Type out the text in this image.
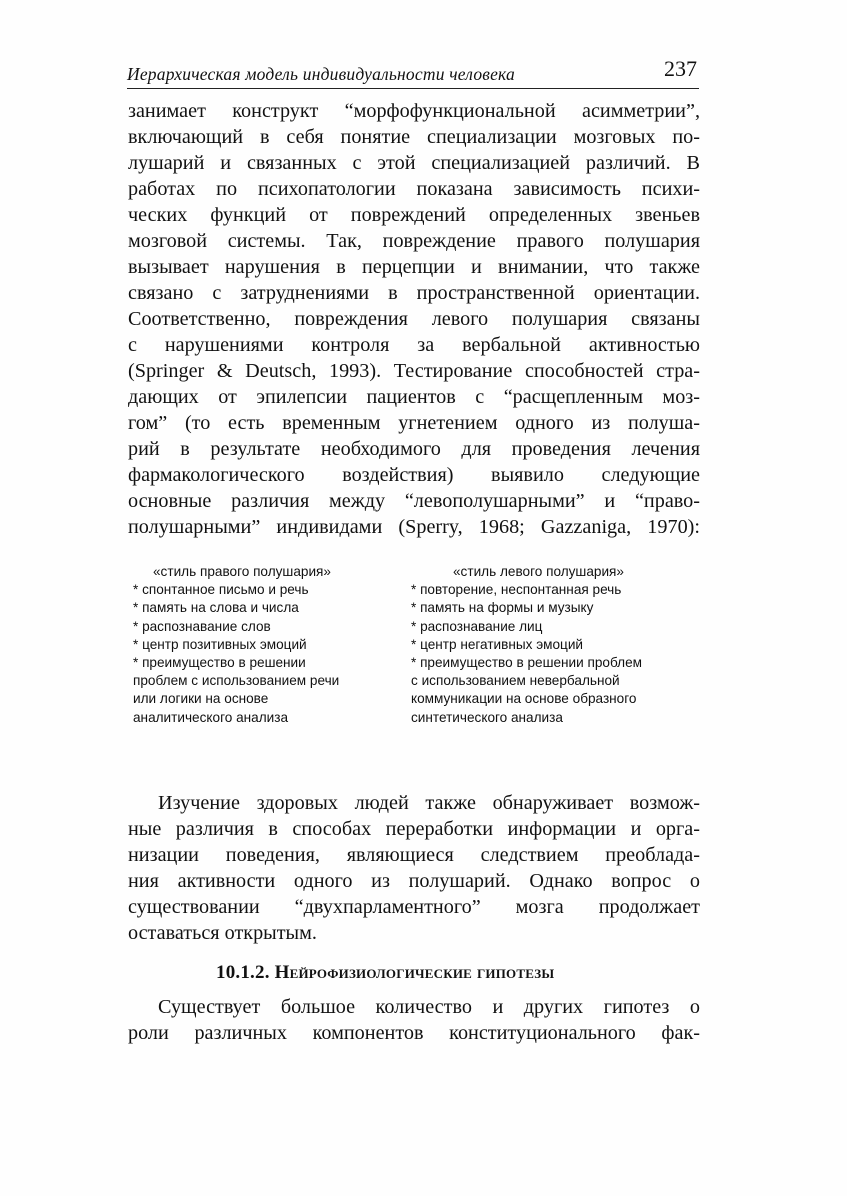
Иерархическая модель индивидуальности человека	237
занимает конструкт “морфофункциональной асимметрии”,
включающий в себя понятие специализации мозговых по-
лушарий и связанных с этой специализацией различий. В
работах по психопатологии показана зависимость психи-
ческих функций от повреждений определенных звеньев
мозговой системы. Так, повреждение правого полушария
вызывает нарушения в перцепции и внимании, что также
связано с затруднениями в пространственной ориентации.
Соответственно, повреждения левого полушария связаны
с нарушениями контроля за вербальной активностью
(Springer & Deutsch, 1993). Тестирование способностей стра-
дающих от эпилепсии пациентов с “расщепленным моз-
гом” (то есть временным угнетением одного из полуша-
рий в результате необходимого для проведения лечения
фармакологического воздействия) выявило следующие
основные различия между “левополушарными” и “право-
полушарными” индивидами (Sperry, 1968; Gazzaniga, 1970):
«стиль правого полушария»
* спонтанное письмо и речь
* память на слова и числа
* распознавание слов
* центр позитивных эмоций
* преимущество в решении
проблем с использованием речи
или логики на основе
аналитического анализа
«стиль левого полушария»
* повторение, неспонтанная речь
* память на формы и музыку
* распознавание лиц
* центр негативных эмоций
* преимущество в решении проблем
с использованием невербальной
коммуникации на основе образного
синтетического анализа
Изучение здоровых людей также обнаруживает возмож-
ные различия в способах переработки информации и орга-
низации поведения, являющиеся следствием преоблада-
ния активности одного из полушарий. Однако вопрос о
существовании “двухпарламентного” мозга продолжает
оставаться открытым.
10.1.2. Нейрофизиологические гипотезы
Существует большое количество и других гипотез о
роли различных компонентов конституционального фак-
